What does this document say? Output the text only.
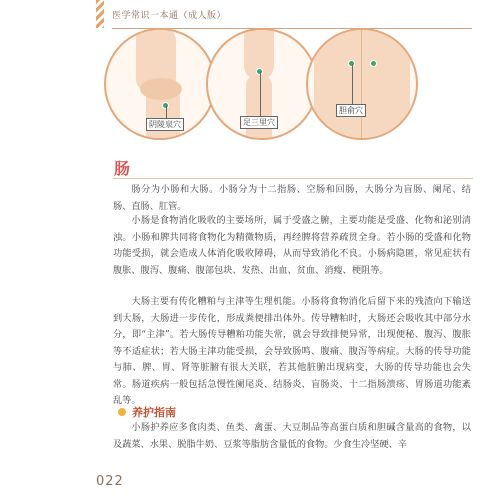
医学常识一本通（成人版）
阴陵泉穴	足三里穴
胆俞穴
肠

肠分为小肠和大肠。小肠分为十二指肠、空肠和回肠，大肠分为盲肠、阑尾、结肠、直肠、肛管。

小肠是食物消化吸收的主要场所，属于受盛之腑，主要功能是受盛、化物和泌别清浊。小肠和脾共同将食物化为精微物质，再经脾将营养疏贯全身。若小肠的受盛和化物功能受损，就会造成人体消化吸收障碍，从而导致消化不良。小肠病隐匿，常见症状有腹胀、腹泻、腹痛、腹部包块、发热、出血、贫血、消瘦、梗阻等。

大肠主要有传化糟粕与主津等生理机能。小肠将食物消化后留下来的残渣向下输送到大肠，大肠进一步传化，形成粪便排出体外。传导糟粕时，大肠还会吸收其中部分水分，即“主津”。若大肠传导糟粕功能失常，就会导致排便异常，出现便秘、腹泻、腹胀等不适症状；若大肠主津功能受损，会导致肠鸣、腹痛、腹泻等病症。大肠的传导功能与肺、脾、胃、肾等脏腑有很大关联，若其他脏腑出现病变，大肠的传导功能也会失常。肠道疾病一般包括急慢性阑尾炎、结肠炎、盲肠炎、十二指肠溃疡、胃肠道功能紊乱等。

养护指南

小肠护养应多食肉类、鱼类、禽蛋、大豆制品等高蛋白质和胆碱含量高的食物，以及蔬菜、水果、脱脂牛奶、豆浆等脂肪含量低的食物。少食生冷坚硬、辛

022
